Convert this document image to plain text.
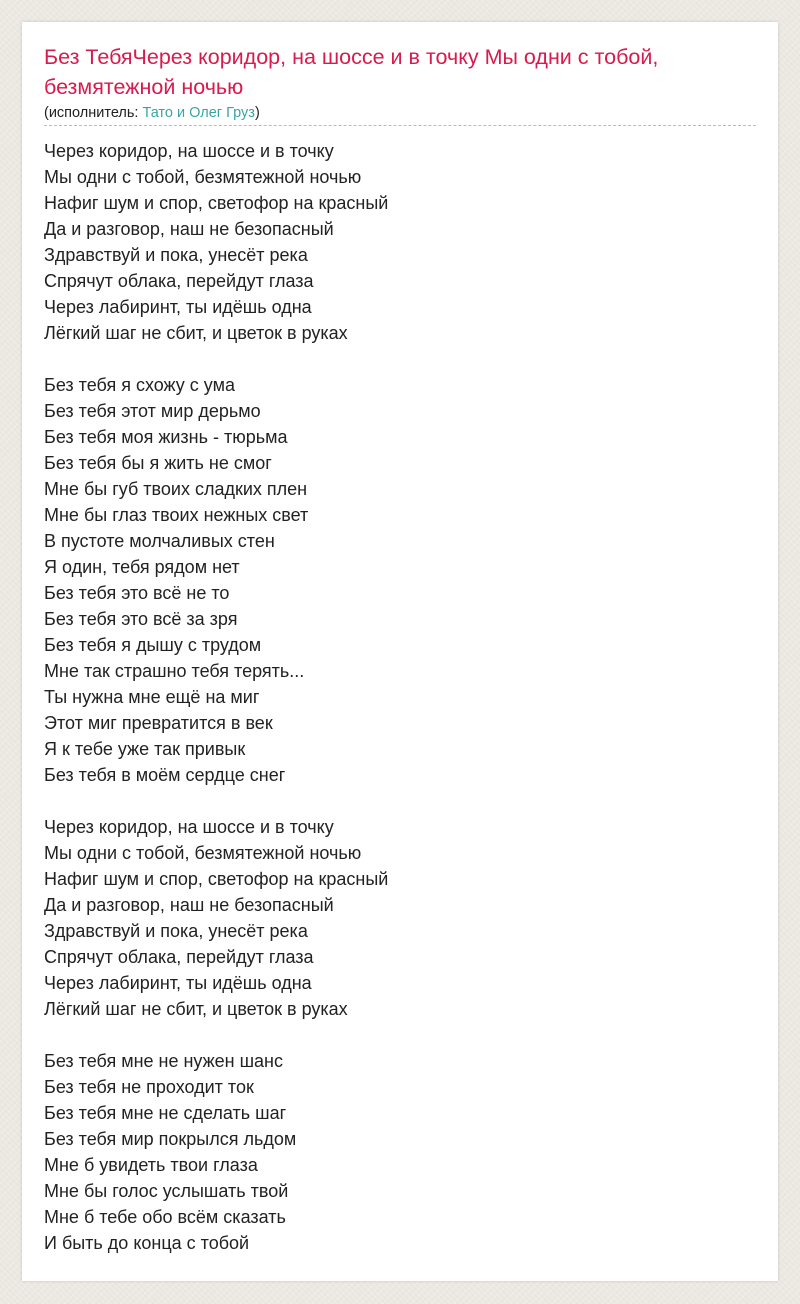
Без ТебяЧерез коридор, на шоссе и в точку Мы одни с тобой, безмятежной ночью
(исполнитель: Тато и Олег Груз)
Через коридор, на шоссе и в точку
Мы одни с тобой, безмятежной ночью
Нафиг шум и спор, светофор на красный
Да и разговор, наш не безопасный
Здравствуй и пока, унесёт река
Спрячут облака, перейдут глаза
Через лабиринт, ты идёшь одна
Лёгкий шаг не сбит, и цветок в руках
Без тебя я схожу с ума
Без тебя этот мир дерьмо
Без тебя моя жизнь - тюрьма
Без тебя бы я жить не смог
Мне бы губ твоих сладких плен
Мне бы глаз твоих нежных свет
В пустоте молчаливых стен
Я один, тебя рядом нет
Без тебя это всё не то
Без тебя это всё за зря
Без тебя я дышу с трудом
Мне так страшно тебя терять...
Ты нужна мне ещё на миг
Этот миг превратится в век
Я к тебе уже так привык
Без тебя в моём сердце снег
Через коридор, на шоссе и в точку
Мы одни с тобой, безмятежной ночью
Нафиг шум и спор, светофор на красный
Да и разговор, наш не безопасный
Здравствуй и пока, унесёт река
Спрячут облака, перейдут глаза
Через лабиринт, ты идёшь одна
Лёгкий шаг не сбит, и цветок в руках
Без тебя мне не нужен шанс
Без тебя не проходит ток
Без тебя мне не сделать шаг
Без тебя мир покрылся льдом
Мне б увидеть твои глаза
Мне бы голос услышать твой
Мне б тебе обо всём сказать
И быть до конца с тобой
